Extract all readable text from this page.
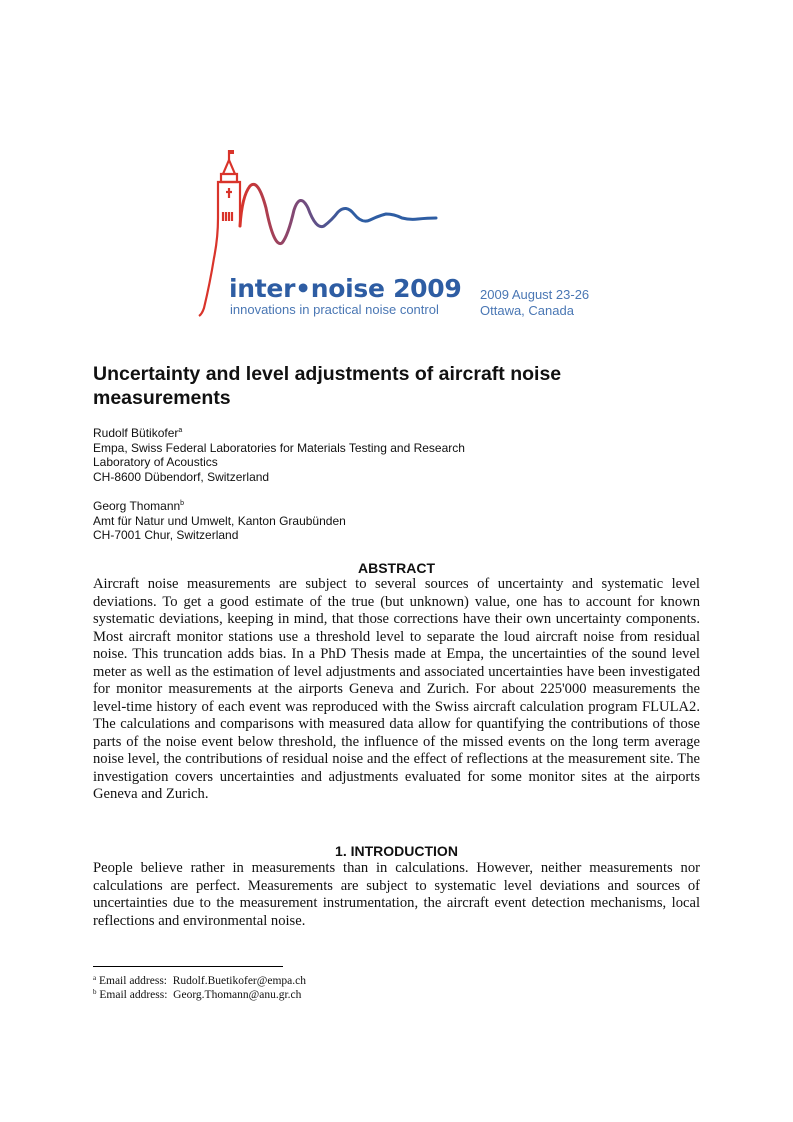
inter•noise 2009
innovations in practical noise control
2009 August 23-26
Ottawa, Canada
Uncertainty and level adjustments of aircraft noise measurements
Rudolf Bütikofer$^a$
Empa, Swiss Federal Laboratories for Materials Testing and Research
Laboratory of Acoustics
CH-8600 Dübendorf, Switzerland
Georg Thomann$^b$
Amt für Natur und Umwelt, Kanton Graubünden
CH-7001 Chur, Switzerland
ABSTRACT

Aircraft noise measurements are subject to several sources of uncertainty and systematic level deviations. To get a good estimate of the true (but unknown) value, one has to account for known systematic deviations, keeping in mind, that those corrections have their own uncertainty components. Most aircraft monitor stations use a threshold level to separate the loud aircraft noise from residual noise. This truncation adds bias. In a PhD Thesis made at Empa, the uncertainties of the sound level meter as well as the estimation of level adjustments and associated uncertainties have been investigated for monitor measurements at the airports Geneva and Zurich. For about 225'000 measurements the level-time history of each event was reproduced with the Swiss aircraft calculation program FLULA2. The calculations and comparisons with measured data allow for quantifying the contributions of those parts of the noise event below threshold, the influence of the missed events on the long term average noise level, the contributions of residual noise and the effect of reflections at the measurement site. The investigation covers uncertainties and adjustments evaluated for some monitor sites at the airports Geneva and Zurich.

1. INTRODUCTION

People believe rather in measurements than in calculations. However, neither measurements nor calculations are perfect. Measurements are subject to systematic level deviations and sources of uncertainties due to the measurement instrumentation, the aircraft event detection mechanisms, local reflections and environmental noise.

$^a$ Email address: Rudolf.Buetikofer@empa.ch
$^b$ Email address: Georg.Thomann@anu.gr.ch
